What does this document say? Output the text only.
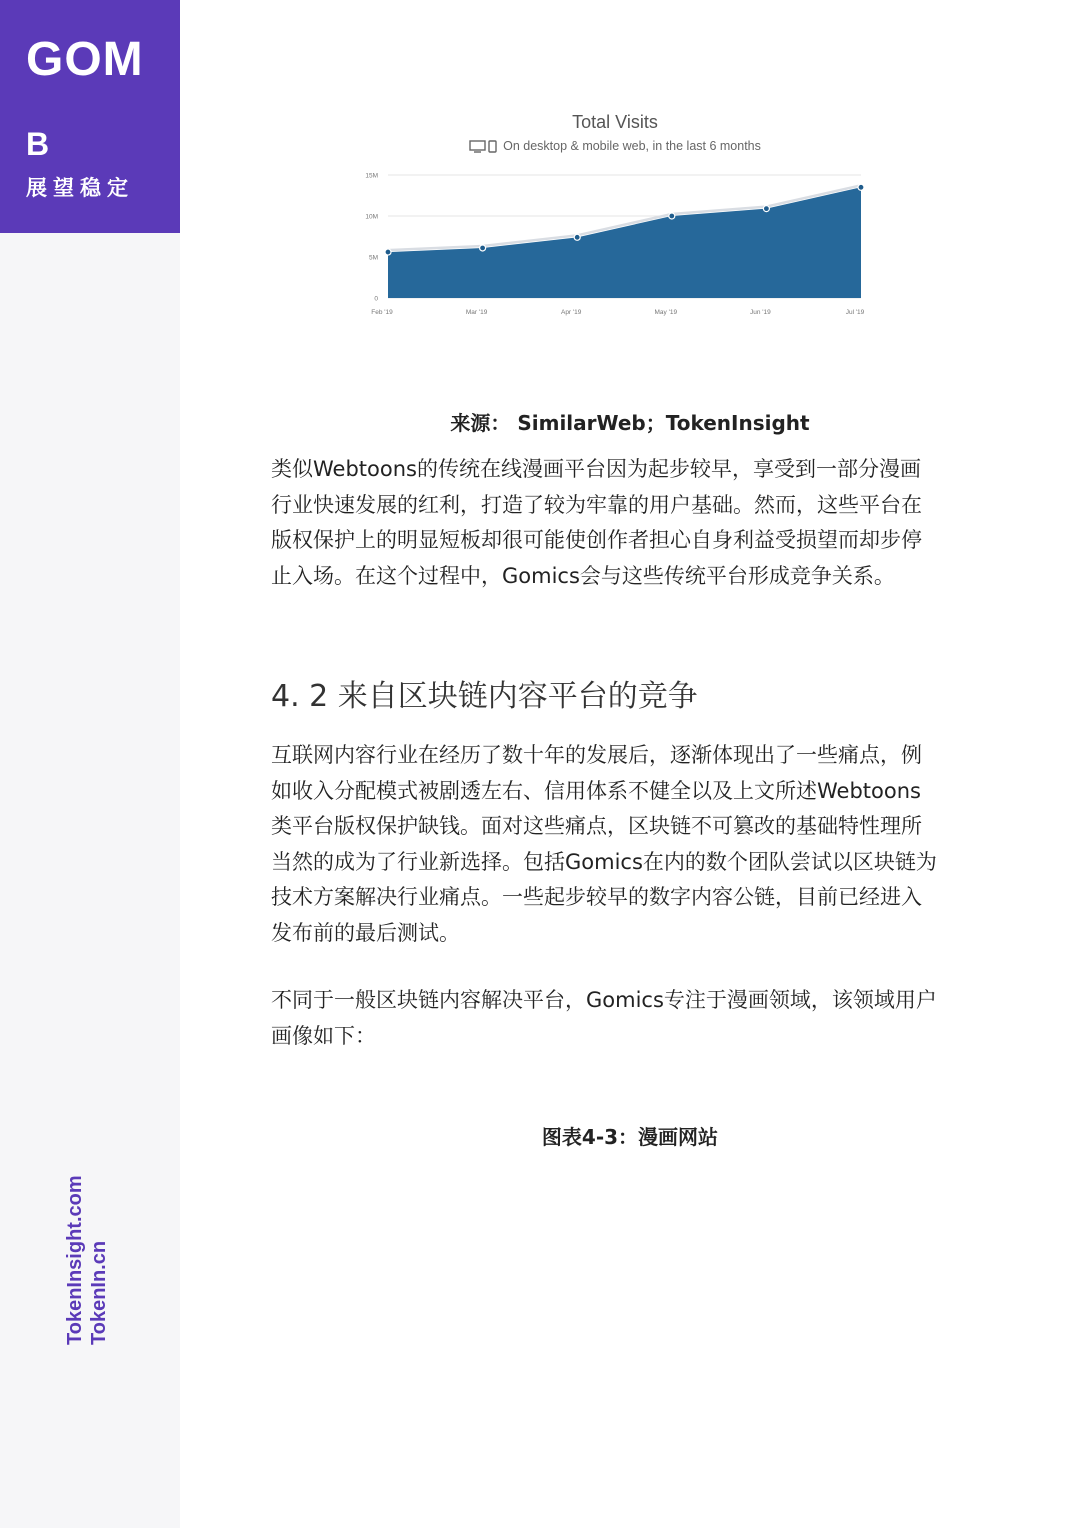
GOM
B
展望稳定
TokenInsight.com TokenIn.cn
Total Visits
On desktop & mobile web, in the last 6 months
0
5M
10M
15M
Feb '19	Mar '19	Apr '19	May '19	Jun '19	Jul '19
来源： SimilarWeb；TokenInsight

类似Webtoons的传统在线漫画平台因为起步较早，享受到一部分漫画
行业快速发展的红利，打造了较为牢靠的用户基础。然而，这些平台在
版权保护上的明显短板却很可能使创作者担心自身利益受损望而却步停
止入场。在这个过程中，Gomics会与这些传统平台形成竞争关系。

4. 2 来自区块链内容平台的竞争

互联网内容行业在经历了数十年的发展后，逐渐体现出了一些痛点，例
如收入分配模式被剧透左右、信用体系不健全以及上文所述Webtoons
类平台版权保护缺钱。面对这些痛点，区块链不可篡改的基础特性理所
当然的成为了行业新选择。包括Gomics在内的数个团队尝试以区块链为
技术方案解决行业痛点。一些起步较早的数字内容公链，目前已经进入
发布前的最后测试。

不同于一般区块链内容解决平台，Gomics专注于漫画领域，该领域用户
画像如下：

图表4-3：漫画网站
